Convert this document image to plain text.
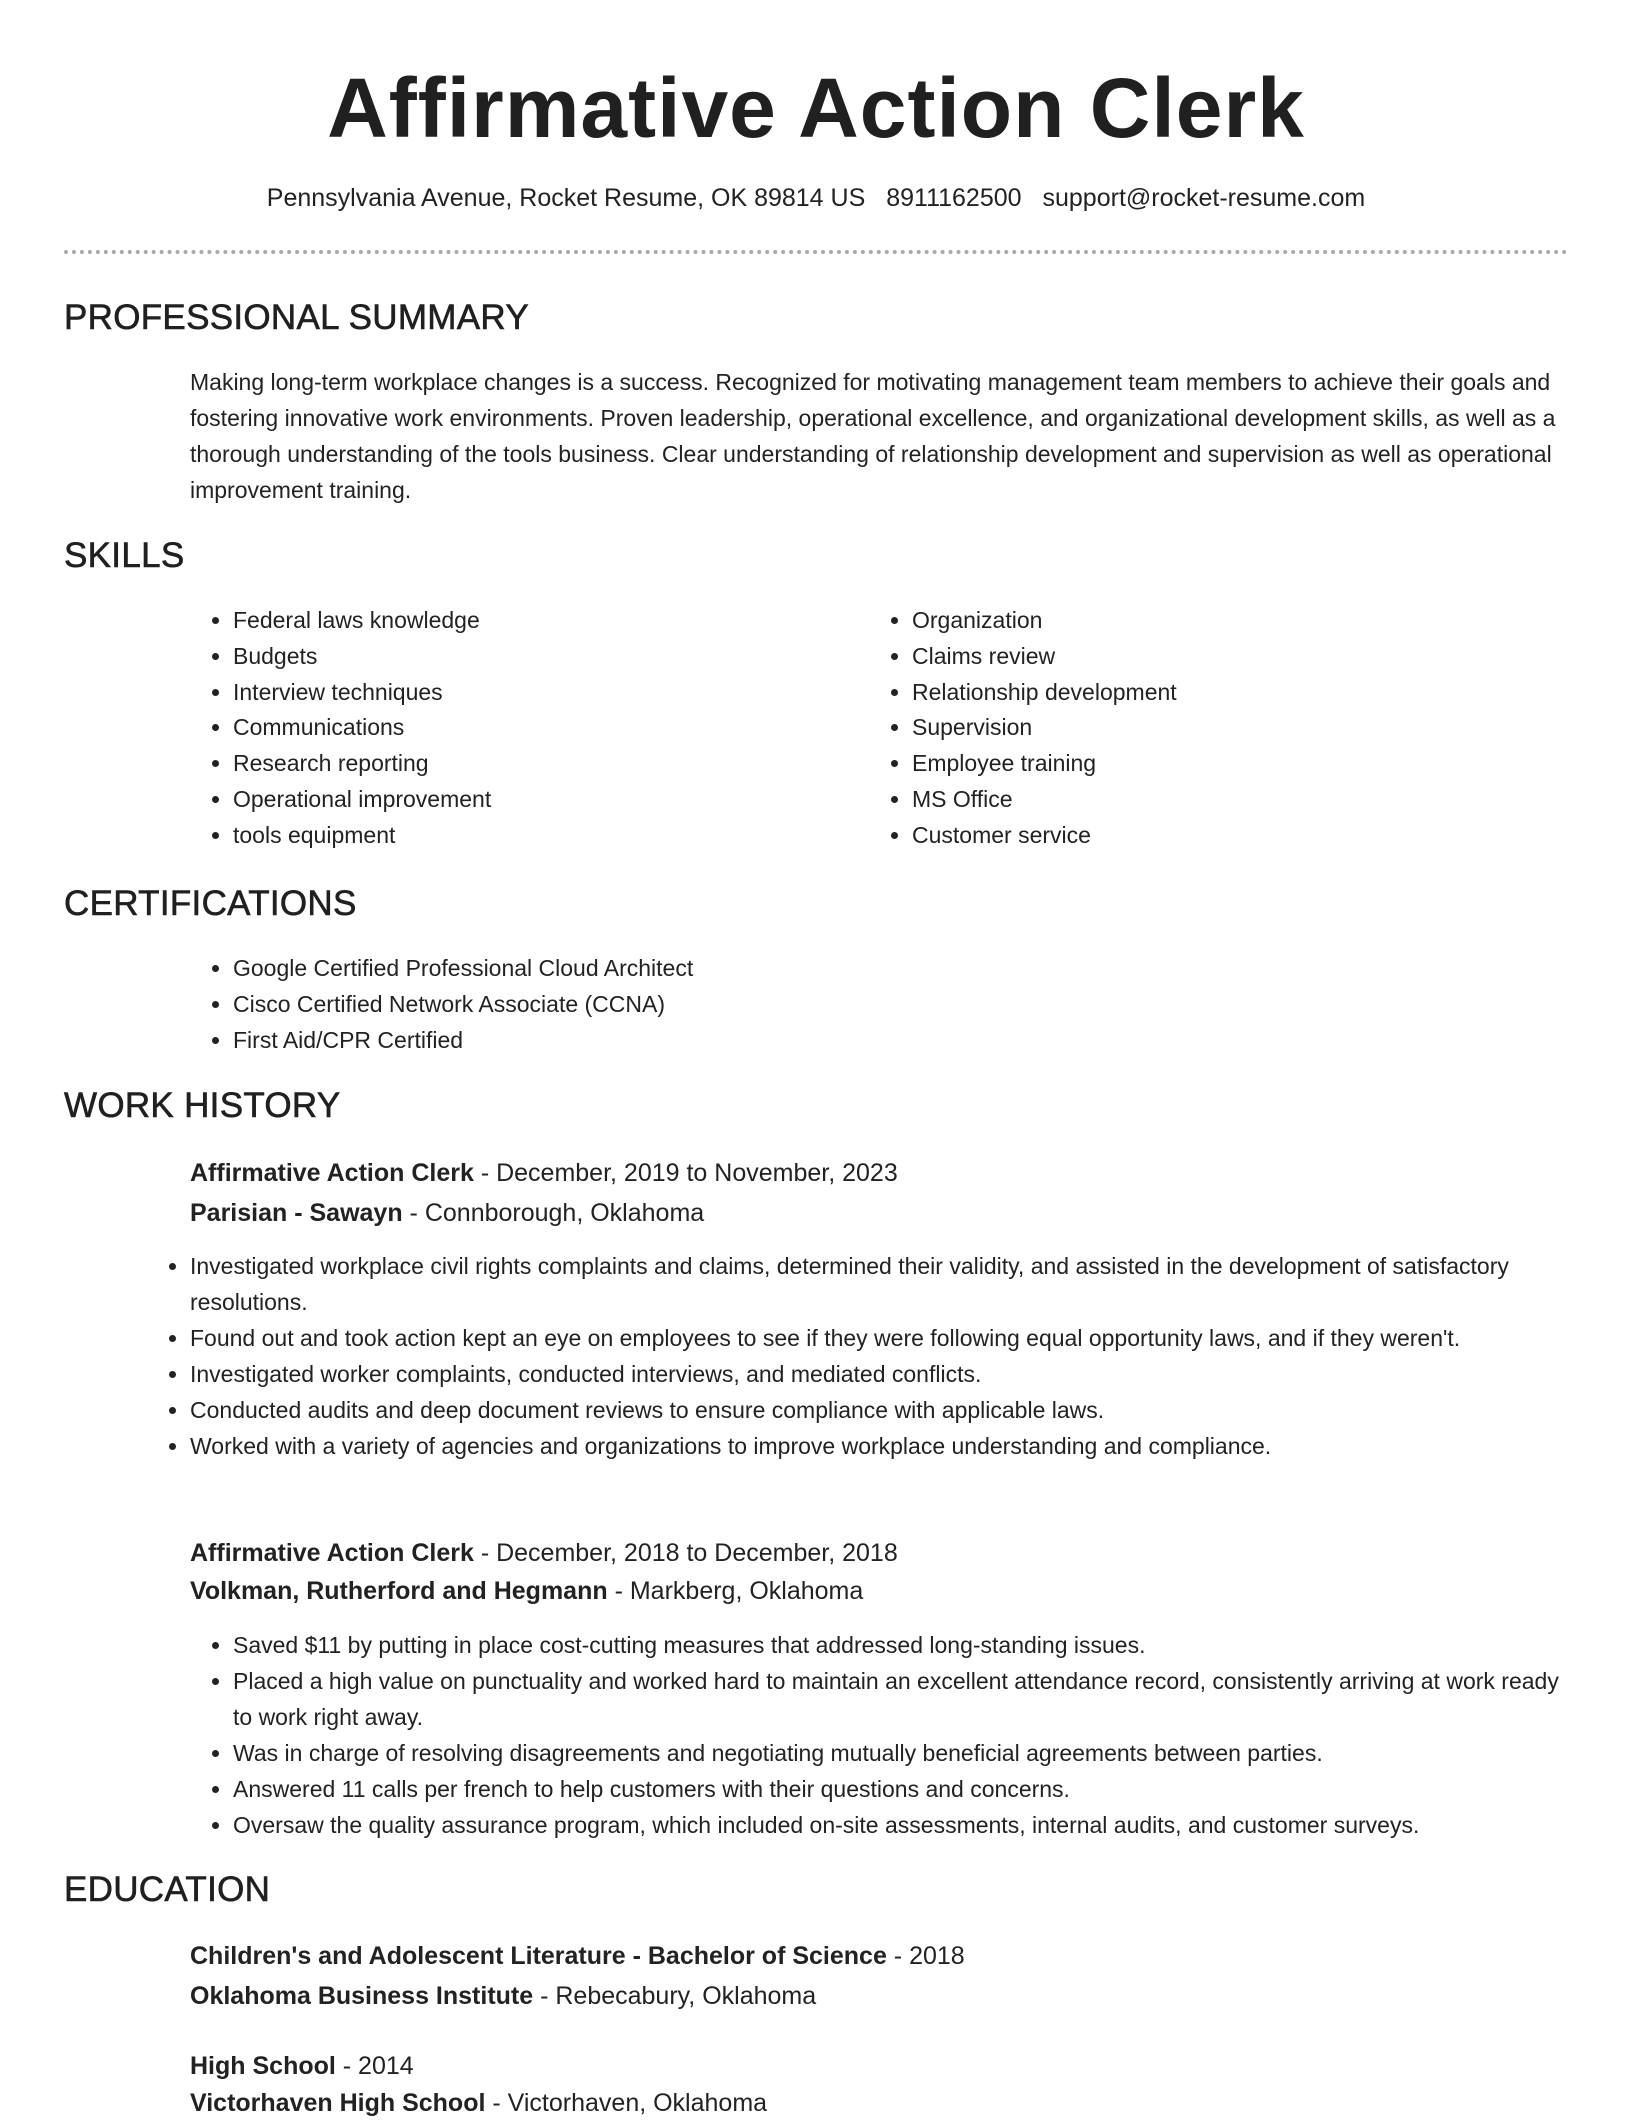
Affirmative Action Clerk
Pennsylvania Avenue, Rocket Resume, OK 89814 US 8911162500 support@rocket-resume.com
PROFESSIONAL SUMMARY

Making long-term workplace changes is a success. Recognized for motivating management team members to achieve their goals and fostering innovative work environments. Proven leadership, operational excellence, and organizational development skills, as well as a thorough understanding of the tools business. Clear understanding of relationship development and supervision as well as operational improvement training.

SKILLS
• Federal laws knowledge
• Budgets
• Interview techniques
• Communications
• Research reporting
• Operational improvement
• tools equipment
• Organization
• Claims review
• Relationship development
• Supervision
• Employee training
• MS Office
• Customer service
CERTIFICATIONS
• Google Certified Professional Cloud Architect
• Cisco Certified Network Associate (CCNA)
• First Aid/CPR Certified
WORK HISTORY
Affirmative Action Clerk - December, 2019 to November, 2023
Parisian - Sawayn - Connborough, Oklahoma
• Investigated workplace civil rights complaints and claims, determined their validity, and assisted in the development of satisfactory resolutions.
• Found out and took action kept an eye on employees to see if they were following equal opportunity laws, and if they weren't.
• Investigated worker complaints, conducted interviews, and mediated conflicts.
• Conducted audits and deep document reviews to ensure compliance with applicable laws.
• Worked with a variety of agencies and organizations to improve workplace understanding and compliance.
Affirmative Action Clerk - December, 2018 to December, 2018
Volkman, Rutherford and Hegmann - Markberg, Oklahoma
• Saved $11 by putting in place cost-cutting measures that addressed long-standing issues.
• Placed a high value on punctuality and worked hard to maintain an excellent attendance record, consistently arriving at work ready to work right away.
• Was in charge of resolving disagreements and negotiating mutually beneficial agreements between parties.
• Answered 11 calls per french to help customers with their questions and concerns.
• Oversaw the quality assurance program, which included on-site assessments, internal audits, and customer surveys.
EDUCATION
Children's and Adolescent Literature - Bachelor of Science - 2018
Oklahoma Business Institute - Rebecabury, Oklahoma
High School - 2014
Victorhaven High School - Victorhaven, Oklahoma
